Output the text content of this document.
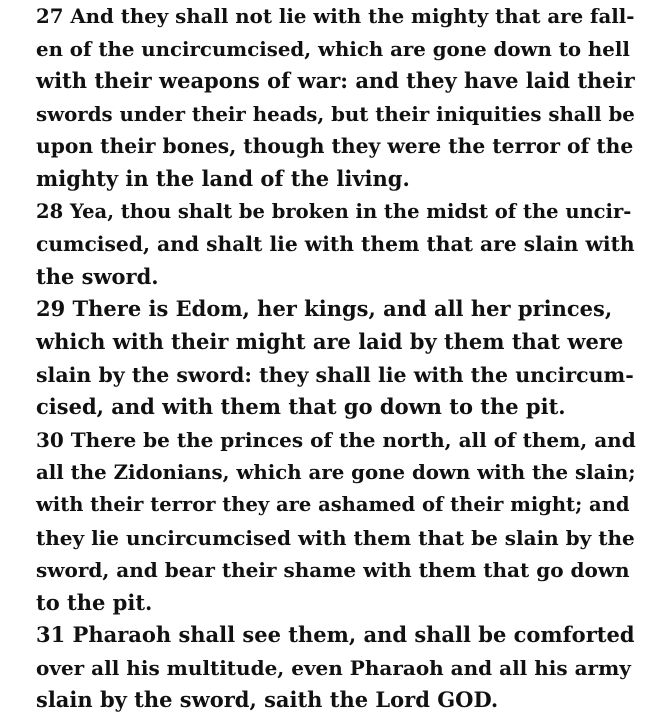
27 And they shall not lie with the mighty that are fall-
en of the uncircumcised, which are gone down to hell
with their weapons of war: and they have laid their
swords under their heads, but their iniquities shall be
upon their bones, though they were the terror of the
mighty in the land of the living.
28 Yea, thou shalt be broken in the midst of the uncir-
cumcised, and shalt lie with them that are slain with
the sword.
29 There is Edom, her kings, and all her princes,
which with their might are laid by them that were
slain by the sword: they shall lie with the uncircum-
cised, and with them that go down to the pit.
30 There be the princes of the north, all of them, and
all the Zidonians, which are gone down with the slain;
with their terror they are ashamed of their might; and
they lie uncircumcised with them that be slain by the
sword, and bear their shame with them that go down
to the pit.
31 Pharaoh shall see them, and shall be comforted
over all his multitude, even Pharaoh and all his army
slain by the sword, saith the Lord GOD.
